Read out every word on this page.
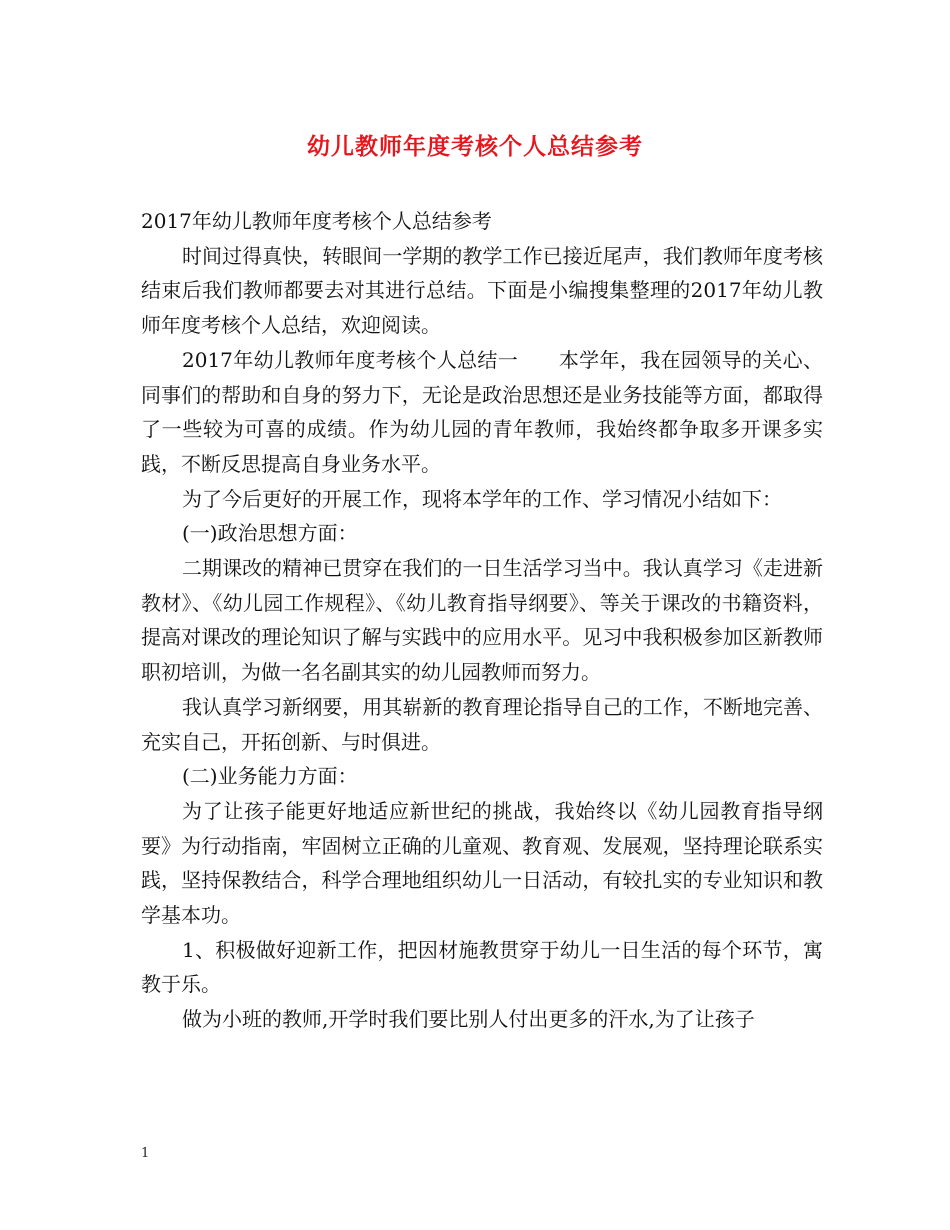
幼儿教师年度考核个人总结参考

2017年幼儿教师年度考核个人总结参考

时间过得真快，转眼间一学期的教学工作已接近尾声，我们教师年度考核结束后我们教师都要去对其进行总结。下面是小编搜集整理的2017年幼儿教师年度考核个人总结，欢迎阅读。

2017年幼儿教师年度考核个人总结一　　本学年，我在园领导的关心、同事们的帮助和自身的努力下，无论是政治思想还是业务技能等方面，都取得了一些较为可喜的成绩。作为幼儿园的青年教师，我始终都争取多开课多实践，不断反思提高自身业务水平。

为了今后更好的开展工作，现将本学年的工作、学习情况小结如下：

(一)政治思想方面：

二期课改的精神已贯穿在我们的一日生活学习当中。我认真学习《走进新教材》、《幼儿园工作规程》、《幼儿教育指导纲要》、等关于课改的书籍资料，提高对课改的理论知识了解与实践中的应用水平。见习中我积极参加区新教师职初培训，为做一名名副其实的幼儿园教师而努力。

我认真学习新纲要，用其崭新的教育理论指导自己的工作，不断地完善、充实自己，开拓创新、与时俱进。

(二)业务能力方面：

为了让孩子能更好地适应新世纪的挑战，我始终以《幼儿园教育指导纲要》为行动指南，牢固树立正确的儿童观、教育观、发展观，坚持理论联系实践，坚持保教结合，科学合理地组织幼儿一日活动，有较扎实的专业知识和教学基本功。

1、积极做好迎新工作，把因材施教贯穿于幼儿一日生活的每个环节，寓教于乐。

做为小班的教师,开学时我们要比别人付出更多的汗水,为了让孩子

1
